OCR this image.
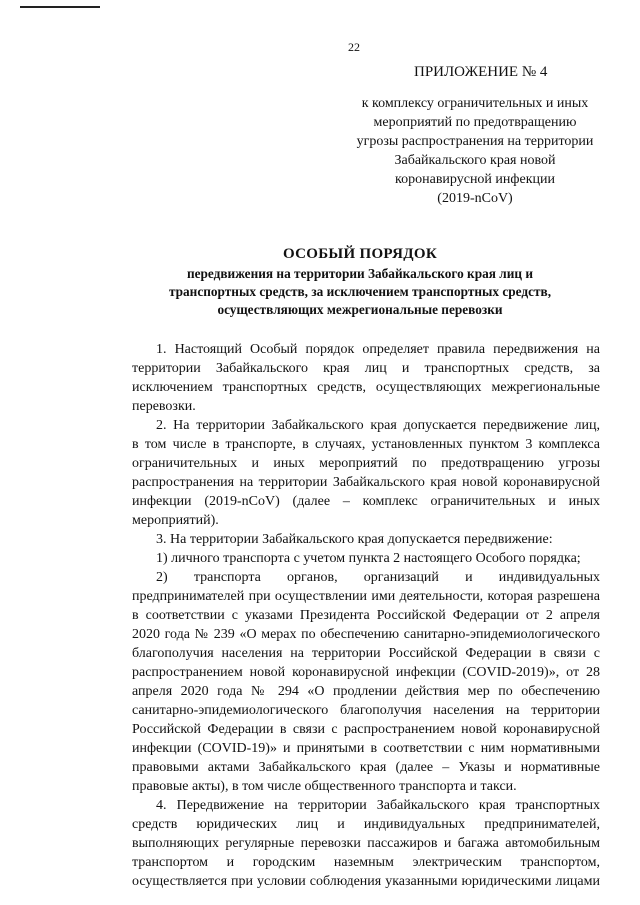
22
ПРИЛОЖЕНИЕ № 4
к комплексу ограничительных и иных
мероприятий по предотвращению
угрозы распространения на территории
Забайкальского края новой
коронавирусной инфекции
(2019-nCoV)
ОСОБЫЙ ПОРЯДОК
передвижения на территории Забайкальского края лиц и
транспортных средств, за исключением транспортных средств,
осуществляющих межрегиональные перевозки
1. Настоящий Особый порядок определяет правила передвижения на
территории Забайкальского края лиц и транспортных средств, за
исключением транспортных средств, осуществляющих межрегиональные
перевозки.
2. На территории Забайкальского края допускается передвижение лиц,
в том числе в транспорте, в случаях, установленных пунктом 3 комплекса
ограничительных и иных мероприятий по предотвращению угрозы
распространения на территории Забайкальского края новой коронавирусной
инфекции (2019-nCoV) (далее – комплекс ограничительных и иных
мероприятий).
3. На территории Забайкальского края допускается передвижение:
1) личного транспорта с учетом пункта 2 настоящего Особого порядка;
2) транспорта органов, организаций и индивидуальных
предпринимателей при осуществлении ими деятельности, которая разрешена
в соответствии с указами Президента Российской Федерации от 2 апреля
2020 года № 239 «О мерах по обеспечению санитарно-эпидемиологического
благополучия населения на территории Российской Федерации в связи с
распространением новой коронавирусной инфекции (COVID-2019)», от 28
апреля 2020 года № 294 «О продлении действия мер по обеспечению
санитарно-эпидемиологического благополучия населения на территории
Российской Федерации в связи с распространением новой коронавирусной
инфекции (COVID-19)» и принятыми в соответствии с ним нормативными
правовыми актами Забайкальского края (далее – Указы и нормативные
правовые акты), в том числе общественного транспорта и такси.
4. Передвижение на территории Забайкальского края транспортных
средств юридических лиц и индивидуальных предпринимателей,
выполняющих регулярные перевозки пассажиров и багажа автомобильным
транспортом и городским наземным электрическим транспортом,
осуществляется при условии соблюдения указанными юридическими лицами
